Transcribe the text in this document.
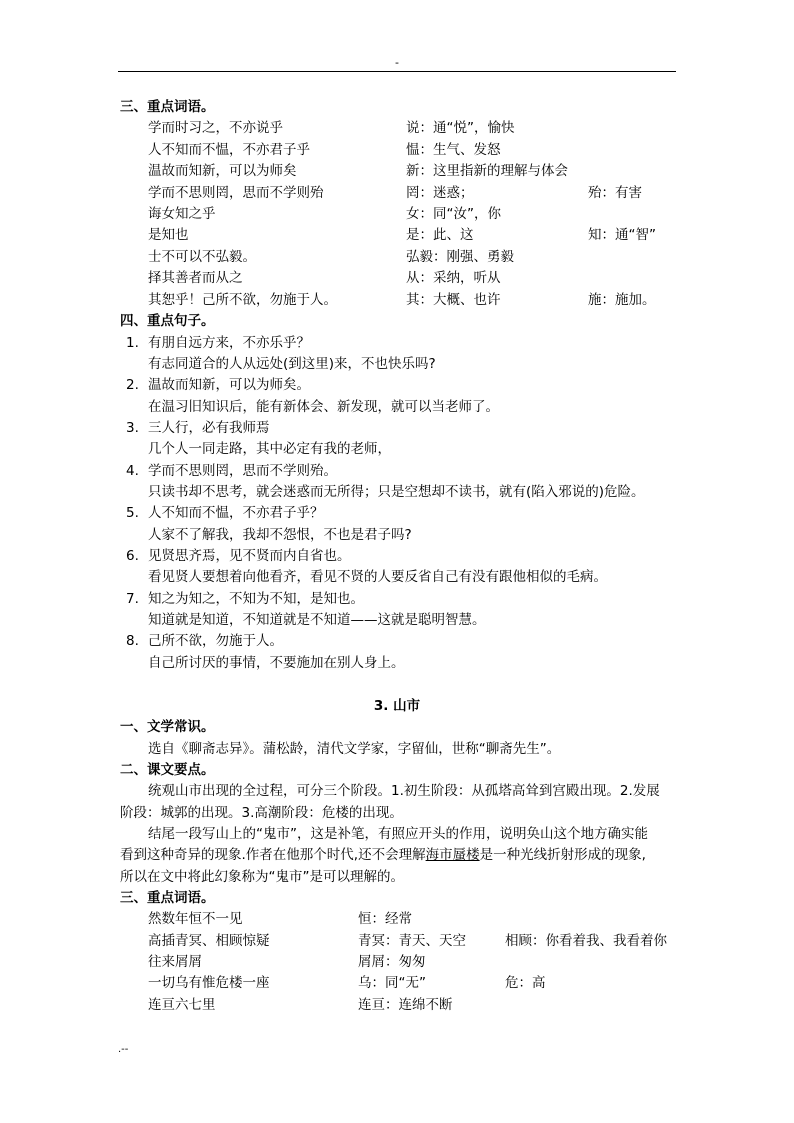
-
三、重点词语。
学而时习之，不亦说乎	说：通“悦”，愉快
人不知而不愠，不亦君子乎	愠：生气、发怒
温故而知新，可以为师矣	新：这里指新的理解与体会
学而不思则罔，思而不学则殆	罔：迷惑；	殆：有害
诲女知之乎	女：同“汝”，你
是知也	是：此、这	知：通“智”
士不可以不弘毅。	弘毅：刚强、勇毅
择其善者而从之	从：采纳，听从
其恕乎！己所不欲，勿施于人。	其：大概、也许	施：施加。
四、重点句子。
1. 有朋自远方来，不亦乐乎？
有志同道合的人从远处(到这里)来，不也快乐吗?
2. 温故而知新，可以为师矣。
在温习旧知识后，能有新体会、新发现，就可以当老师了。
3. 三人行，必有我师焉
几个人一同走路，其中必定有我的老师，
4. 学而不思则罔，思而不学则殆。
只读书却不思考，就会迷惑而无所得；只是空想却不读书，就有(陷入邪说的)危险。
5. 人不知而不愠，不亦君子乎？
人家不了解我，我却不怨恨，不也是君子吗?
6. 见贤思齐焉，见不贤而内自省也。
看见贤人要想着向他看齐，看见不贤的人要反省自己有没有跟他相似的毛病。
7. 知之为知之，不知为不知，是知也。
知道就是知道，不知道就是不知道——这就是聪明智慧。
8. 己所不欲，勿施于人。
自己所讨厌的事情，不要施加在别人身上。
3. 山市
一、文学常识。
选自《聊斋志异》。蒲松龄，清代文学家，字留仙，世称“聊斋先生”。
二、课文要点。
统观山市出现的全过程，可分三个阶段。1.初生阶段：从孤塔高耸到宫殿出现。2.发展
阶段：城郭的出现。3.高潮阶段：危楼的出现。
结尾一段写山上的“鬼市”，这是补笔，有照应开头的作用，说明奂山这个地方确实能
看到这种奇异的现象.作者在他那个时代,还不会理解海市蜃楼是一种光线折射形成的现象,
所以在文中将此幻象称为“鬼市”是可以理解的。
三、重点词语。
然数年恒不一见	恒：经常
高插青冥、相顾惊疑	青冥：青天、天空	相顾：你看着我、我看着你
往来屑屑	屑屑：匆匆
一切乌有惟危楼一座	乌：同“无”	危：高
连亘六七里	连亘：连绵不断
.--
